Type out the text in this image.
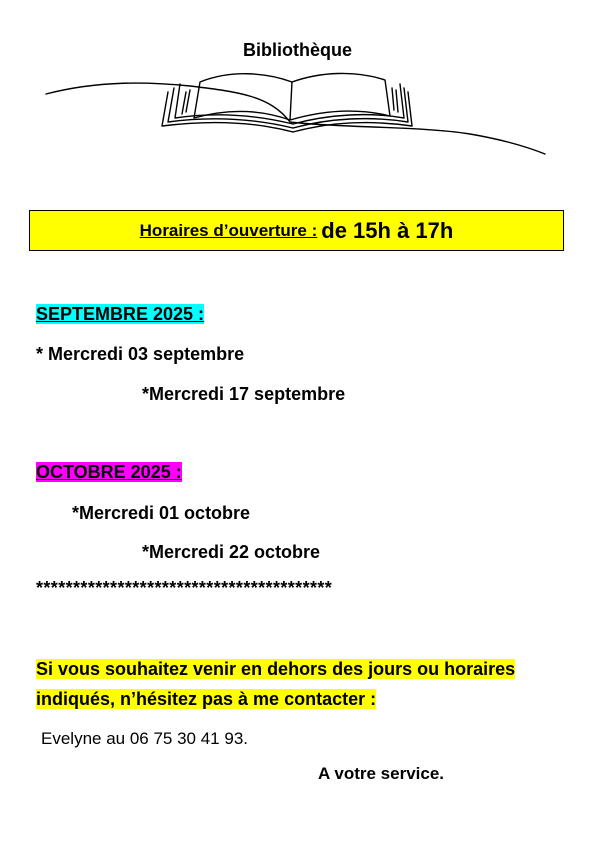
Bibliothèque
Horaires d’ouverture : de 15h à 17h
SEPTEMBRE 2025 :
* Mercredi 03 septembre
*Mercredi 17 septembre
OCTOBRE 2025 :
*Mercredi 01 octobre
*Mercredi 22 octobre
****************************************
Si vous souhaitez venir en dehors des jours ou horaires
indiqués, n’hésitez pas à me contacter :
Evelyne au 06 75 30 41 93.
A votre service.
